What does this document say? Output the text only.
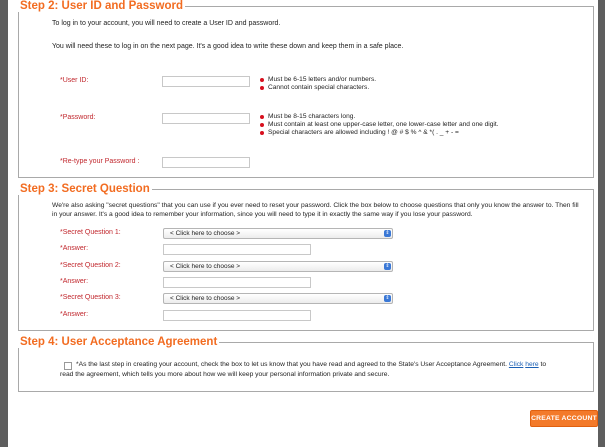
Step 2: User ID and Password
To log in to your account, you will need to create a User ID and password.
You will need these to log in on the next page. It's a good idea to write these down and keep them in a safe place.
*User ID:	Must be 6-15 letters and/or numbers.
Cannot contain special characters.
*Password:	Must be 8-15 characters long.
Must contain at least one upper-case letter, one lower-case letter and one digit.
Special characters are allowed including ! @ # $ % ^ & *( . _ + - =
*Re-type your Password :
Step 3: Secret Question
We're also asking "secret questions" that you can use if you ever need to reset your password. Click the box below to choose questions that only you know the answer to. Then fill in your answer. It's a good idea to remember your information, since you will need to type it in exactly the same way if you lose your password.
*Secret Question 1:	< Click here to choose >	⇕
*Answer:
*Secret Question 2:	< Click here to choose >	⇕
*Answer:
*Secret Question 3:	< Click here to choose >	⇕
*Answer:
Step 4: User Acceptance Agreement
*As the last step in creating your account, check the box to let us know that you have read and agreed to the State's User Acceptance Agreement. Click here to read the agreement, which tells you more about how we will keep your personal information private and secure.
CREATE ACCOUNT
